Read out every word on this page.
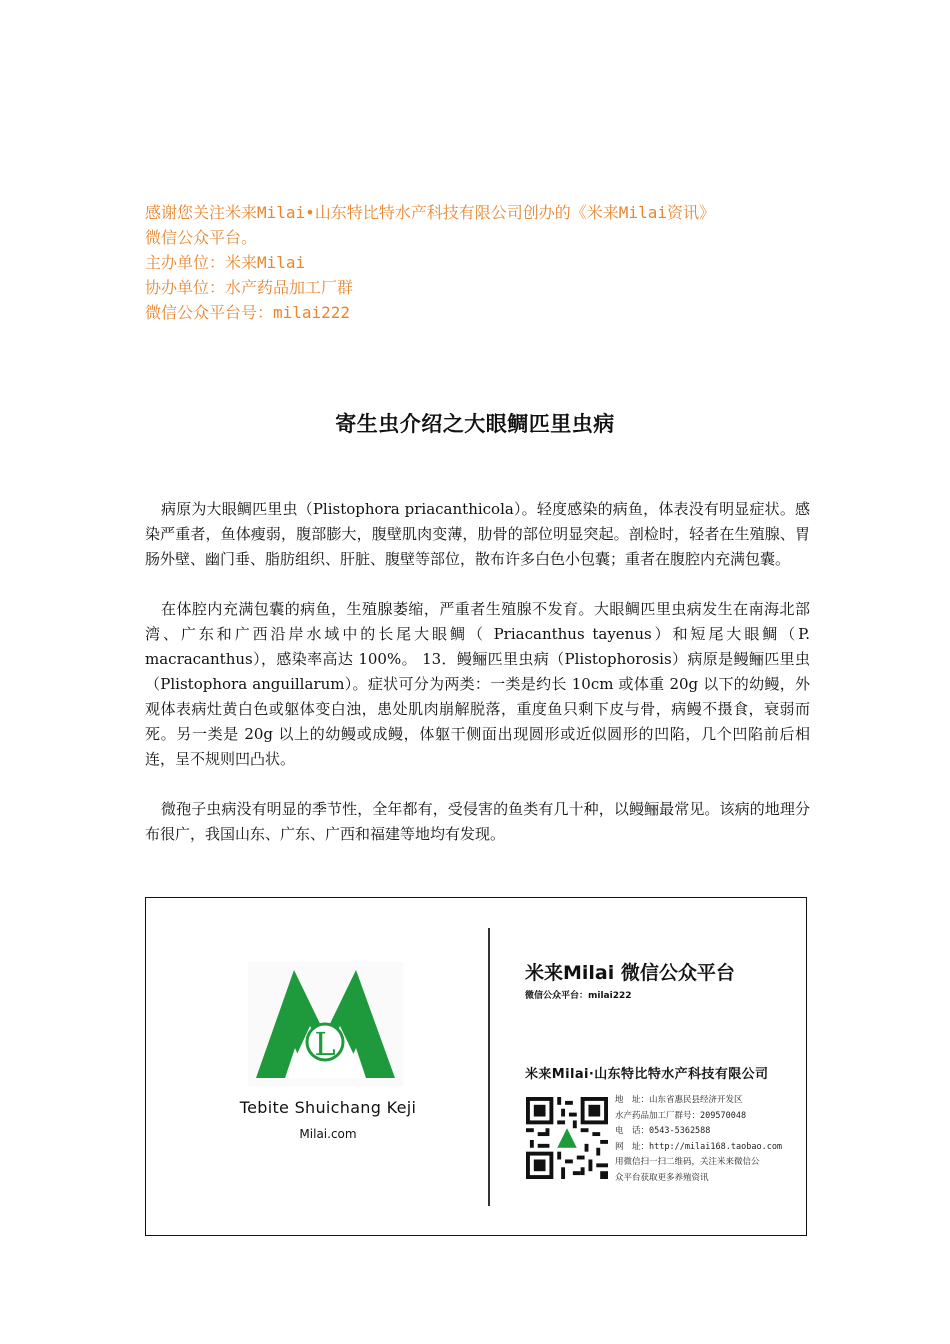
感谢您关注米来Milai•山东特比特水产科技有限公司创办的《米来Milai资讯》

微信公众平台。

主办单位：米来Milai

协办单位：水产药品加工厂群

微信公众平台号：milai222

寄生虫介绍之大眼鲷匹里虫病

病原为大眼鲷匹里虫（Plistophora priacanthicola）。轻度感染的病鱼，体表没有明显症状。感染严重者，鱼体瘦弱，腹部膨大，腹壁肌肉变薄，肋骨的部位明显突起。剖检时，轻者在生殖腺、胃肠外壁、幽门垂、脂肪组织、肝脏、腹壁等部位，散布许多白色小包囊；重者在腹腔内充满包囊。

在体腔内充满包囊的病鱼，生殖腺萎缩，严重者生殖腺不发育。大眼鲷匹里虫病发生在南海北部湾、广东和广西沿岸水域中的长尾大眼鲷（ Priacanthus tayenus）和短尾大眼鲷（P. macracanthus），感染率高达 100%。 13．鳗鲡匹里虫病（Plistophorosis）病原是鳗鲡匹里虫（Plistophora anguillarum）。症状可分为两类：一类是约长 10cm 或体重 20g 以下的幼鳗，外观体表病灶黄白色或躯体变白浊，患处肌肉崩解脱落，重度鱼只剩下皮与骨，病鳗不摄食，衰弱而死。另一类是 20g 以上的幼鳗或成鳗，体躯干侧面出现圆形或近似圆形的凹陷，几个凹陷前后相连，呈不规则凹凸状。

微孢子虫病没有明显的季节性，全年都有，受侵害的鱼类有几十种，以鳗鲡最常见。该病的地理分布很广，我国山东、广东、广西和福建等地均有发现。

L
Tebite Shuichang Keji
Milai.com
米来Milai 微信公众平台
微信公众平台：milai222
米来Milai·山东特比特水产科技有限公司
地　址：山东省惠民县经济开发区
水产药品加工厂群号：209570048
电　话：0543-5362588
网　址：http://milai168.taobao.com
用微信扫一扫二维码，关注米来微信公
众平台获取更多养殖资讯
